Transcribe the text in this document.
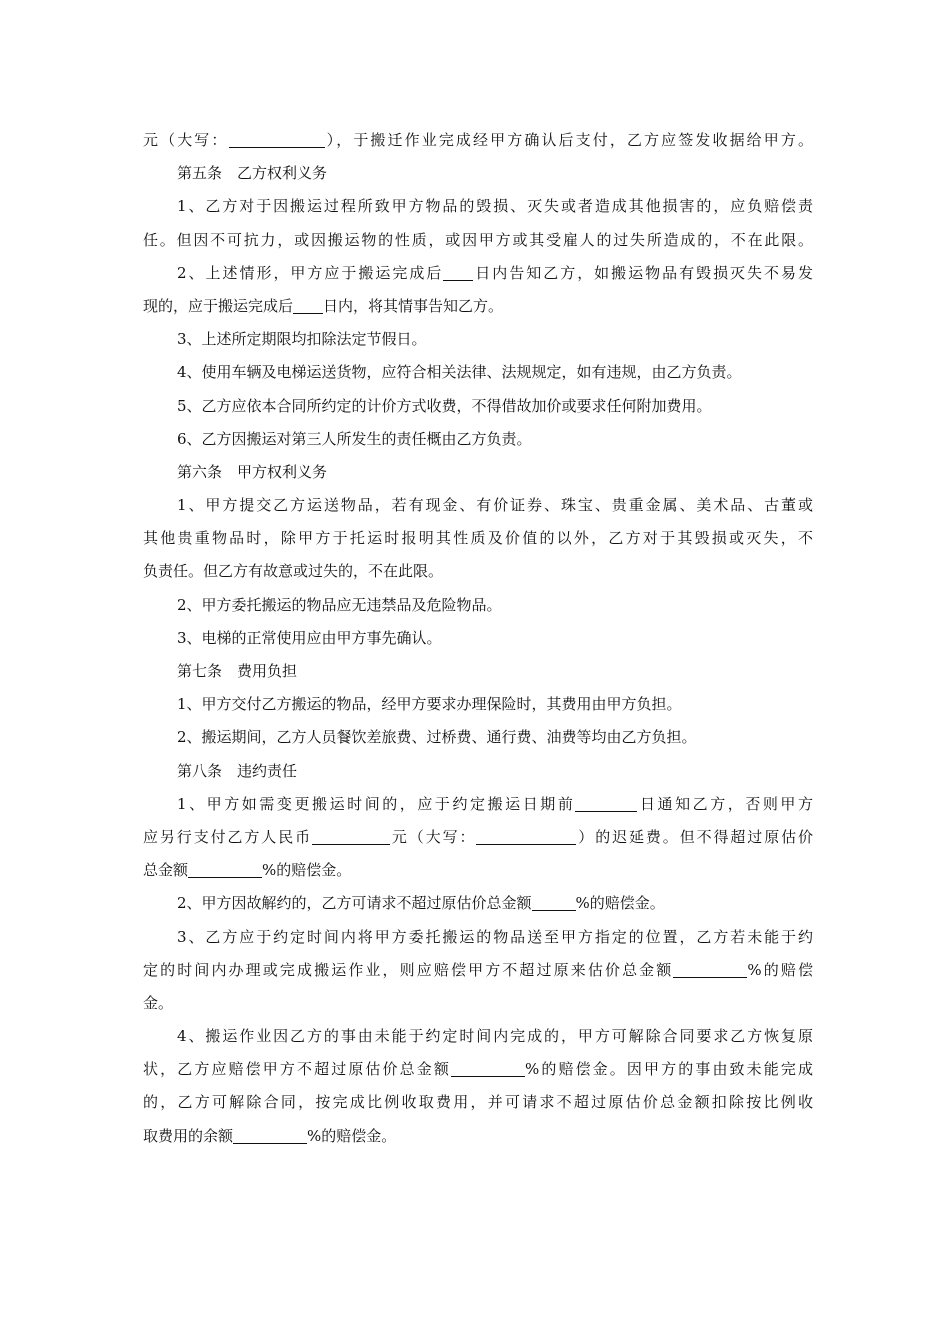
元（大写：	），于搬迁作业完成经甲方确认后支付，乙方应签发收据给甲方。

第五条　乙方权利义务

1、乙方对于因搬运过程所致甲方物品的毁损、灭失或者造成其他损害的，应负赔偿责

任。但因不可抗力，或因搬运物的性质，或因甲方或其受雇人的过失所造成的，不在此限。

2、上述情形，甲方应于搬运完成后 日内告知乙方，如搬运物品有毁损灭失不易发

现的，应于搬运完成后 日内，将其情事告知乙方。

3、上述所定期限均扣除法定节假日。

4、使用车辆及电梯运送货物，应符合相关法律、法规规定，如有违规，由乙方负责。

5、乙方应依本合同所约定的计价方式收费，不得借故加价或要求任何附加费用。

6、乙方因搬运对第三人所发生的责任概由乙方负责。

第六条　甲方权利义务

1、甲方提交乙方运送物品，若有现金、有价证券、珠宝、贵重金属、美术品、古董或

其他贵重物品时，除甲方于托运时报明其性质及价值的以外，乙方对于其毁损或灭失，不

负责任。但乙方有故意或过失的，不在此限。

2、甲方委托搬运的物品应无违禁品及危险物品。

3、电梯的正常使用应由甲方事先确认。

第七条　费用负担

1、甲方交付乙方搬运的物品，经甲方要求办理保险时，其费用由甲方负担。

2、搬运期间，乙方人员餐饮差旅费、过桥费、通行费、油费等均由乙方负担。

第八条　违约责任

1、甲方如需变更搬运时间的，应于约定搬运日期前	日通知乙方，否则甲方

应另行支付乙方人民币	元（大写：	）的迟延费。但不得超过原估价

总金额	%的赔偿金。

2、甲方因故解约的，乙方可请求不超过原估价总金额	%的赔偿金。

3、乙方应于约定时间内将甲方委托搬运的物品送至甲方指定的位置，乙方若未能于约

定的时间内办理或完成搬运作业，则应赔偿甲方不超过原来估价总金额	%的赔偿

金。

4、搬运作业因乙方的事由未能于约定时间内完成的，甲方可解除合同要求乙方恢复原

状，乙方应赔偿甲方不超过原估价总金额	%的赔偿金。因甲方的事由致未能完成

的，乙方可解除合同，按完成比例收取费用，并可请求不超过原估价总金额扣除按比例收

取费用的余额	%的赔偿金。
